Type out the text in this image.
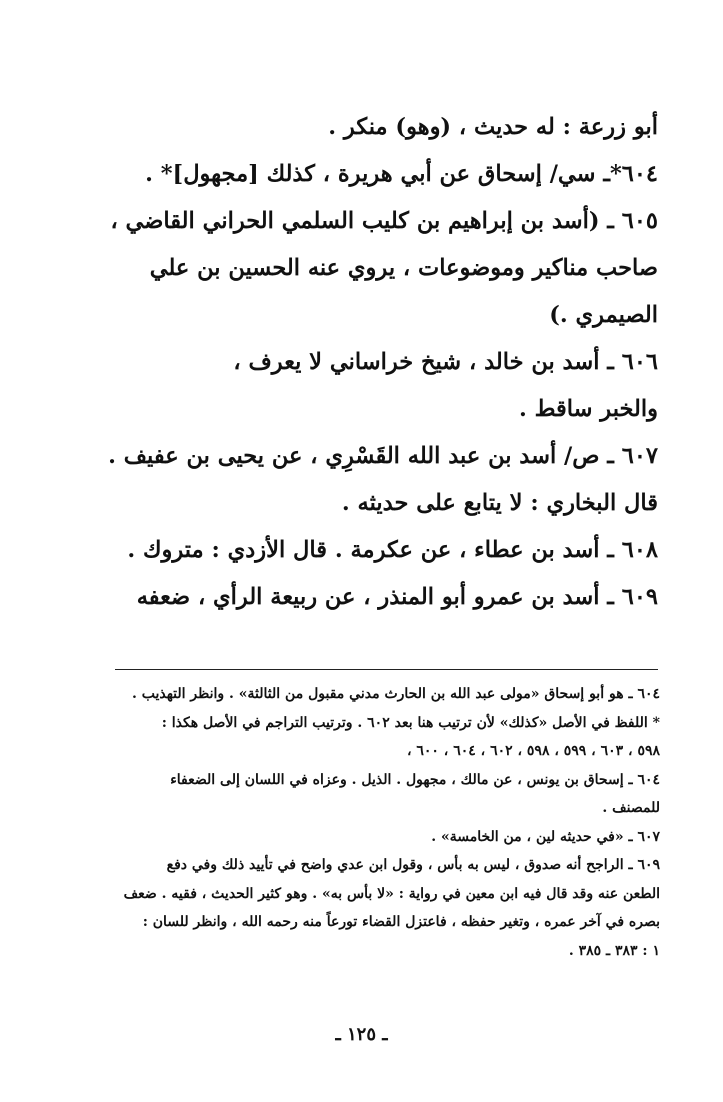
أبو زرعة : له حديث ، (وهو) منكر .

٦٠٤*ـ سي/ إسحاق عن أبي هريرة ، كذلك [مجهول]* .

٦٠٥ ـ (أسد بن إبراهيم بن كليب السلمي الحراني القاضي ،

صاحب مناكير وموضوعات ، يروي عنه الحسين بن علي

الصيمري .)

٦٠٦ ـ أسد بن خالد ، شيخ خراساني لا يعرف ،

والخبر ساقط .

٦٠٧ ـ ص/ أسد بن عبد الله القَسْرِي ، عن يحيى بن عفيف .

قال البخاري : لا يتابع على حديثه .

٦٠٨ ـ أسد بن عطاء ، عن عكرمة . قال الأزدي : متروك .

٦٠٩ ـ أسد بن عمرو أبو المنذر ، عن ربيعة الرأي ، ضعفه

٦٠٤ ـ هو أبو إسحاق «مولى عبد الله بن الحارث مدني مقبول من الثالثة» . وانظر التهذيب .

* اللفظ في الأصل «كذلك» لأن ترتيب هنا بعد ٦٠٢ . وترتيب التراجم في الأصل هكذا :

٥٩٨ ، ٦٠٣ ، ٥٩٩ ، ٥٩٨ ، ٦٠٢ ، ٦٠٤ ، ٦٠٠ ،

٦٠٤ ـ إسحاق بن يونس ، عن مالك ، مجهول . الذيل . وعزاه في اللسان إلى الضعفاء

للمصنف .

٦٠٧ ـ «في حديثه لين ، من الخامسة» .

٦٠٩ ـ الراجح أنه صدوق ، ليس به بأس ، وقول ابن عدي واضح في تأييد ذلك وفي دفع

الطعن عنه وقد قال فيه ابن معين في رواية : «لا بأس به» . وهو كثير الحديث ، فقيه . ضعف

بصره في آخر عمره ، وتغير حفظه ، فاعتزل القضاء تورعاً منه رحمه الله ، وانظر للسان :

١ : ٣٨٣ ـ ٣٨٥ .

ـ ١٢٥ ـ
